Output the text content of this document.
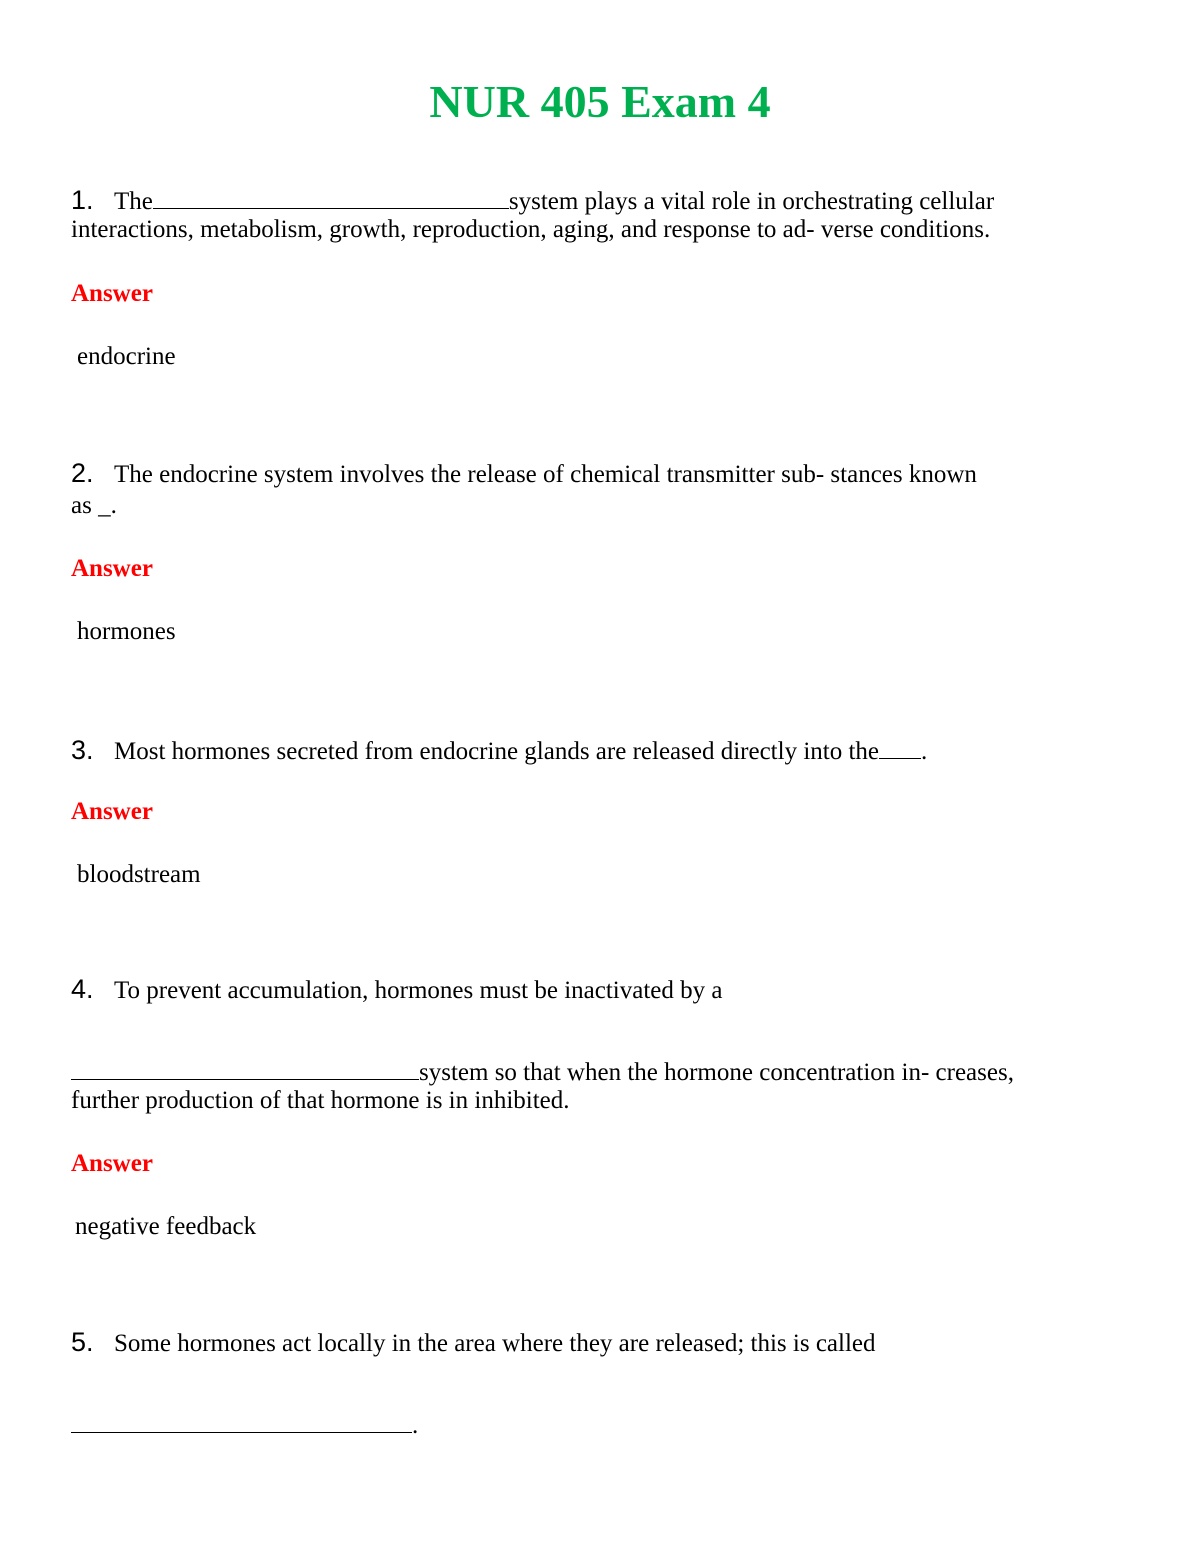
NUR 405 Exam 4
1. The	system plays a vital role in orchestrating cellular
interactions, metabolism, growth, reproduction, aging, and response to ad- verse conditions.
Answer
endocrine
2. The endocrine system involves the release of chemical transmitter sub- stances known
as _.
Answer
hormones
3. Most hormones secreted from endocrine glands are released directly into the .
Answer
bloodstream
4. To prevent accumulation, hormones must be inactivated by a
system so that when the hormone concentration in- creases,
further production of that hormone is in inhibited.
Answer
negative feedback
5. Some hormones act locally in the area where they are released; this is called
.
